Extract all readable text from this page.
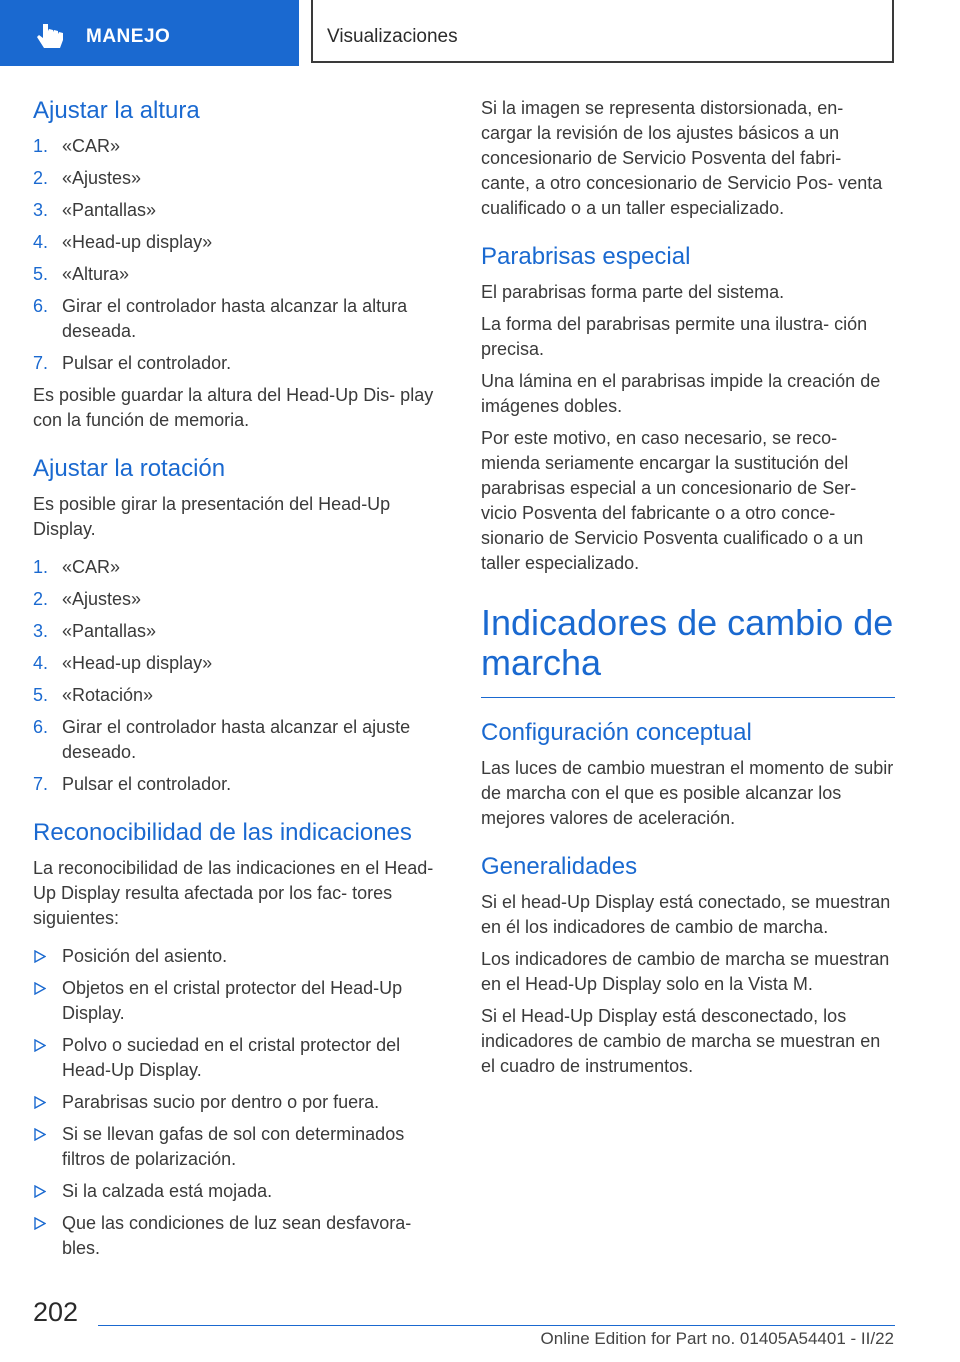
MANEJO	Visualizaciones
Ajustar la altura
1. «CAR»
2. «Ajustes»
3. «Pantallas»
4. «Head-up display»
5. «Altura»
6. Girar el controlador hasta alcanzar la altura deseada.
7. Pulsar el controlador.

Es posible guardar la altura del Head-Up Dis‐ play con la función de memoria.

Ajustar la rotación

Es posible girar la presentación del Head-Up Display.

1. «CAR»
2. «Ajustes»
3. «Pantallas»
4. «Head-up display»
5. «Rotación»
6. Girar el controlador hasta alcanzar el ajuste deseado.
7. Pulsar el controlador.
Reconocibilidad de las indicaciones

La reconocibilidad de las indicaciones en el Head-Up Display resulta afectada por los fac‐ tores siguientes:

Posición del asiento.
Objetos en el cristal protector del Head-Up Display.
Polvo o suciedad en el cristal protector del Head-Up Display.
Parabrisas sucio por dentro o por fuera.
Si se llevan gafas de sol con determinados filtros de polarización.
Si la calzada está mojada.
Que las condiciones de luz sean desfavora‐ bles.

Si la imagen se representa distorsionada, en‐ cargar la revisión de los ajustes básicos a un concesionario de Servicio Posventa del fabri‐ cante, a otro concesionario de Servicio Pos‐ venta cualificado o a un taller especializado.

Parabrisas especial

El parabrisas forma parte del sistema.

La forma del parabrisas permite una ilustra‐ ción precisa.

Una lámina en el parabrisas impide la creación de imágenes dobles.

Por este motivo, en caso necesario, se reco‐ mienda seriamente encargar la sustitución del parabrisas especial a un concesionario de Ser‐ vicio Posventa del fabricante o a otro conce‐ sionario de Servicio Posventa cualificado o a un taller especializado.

Indicadores de cambio de marcha
Configuración conceptual

Las luces de cambio muestran el momento de subir de marcha con el que es posible alcanzar los mejores valores de aceleración.

Generalidades

Si el head-Up Display está conectado, se muestran en él los indicadores de cambio de marcha.

Los indicadores de cambio de marcha se muestran en el Head-Up Display solo en la Vista M.

Si el Head-Up Display está desconectado, los indicadores de cambio de marcha se muestran en el cuadro de instrumentos.

202
Online Edition for Part no. 01405A54401 - II/22
